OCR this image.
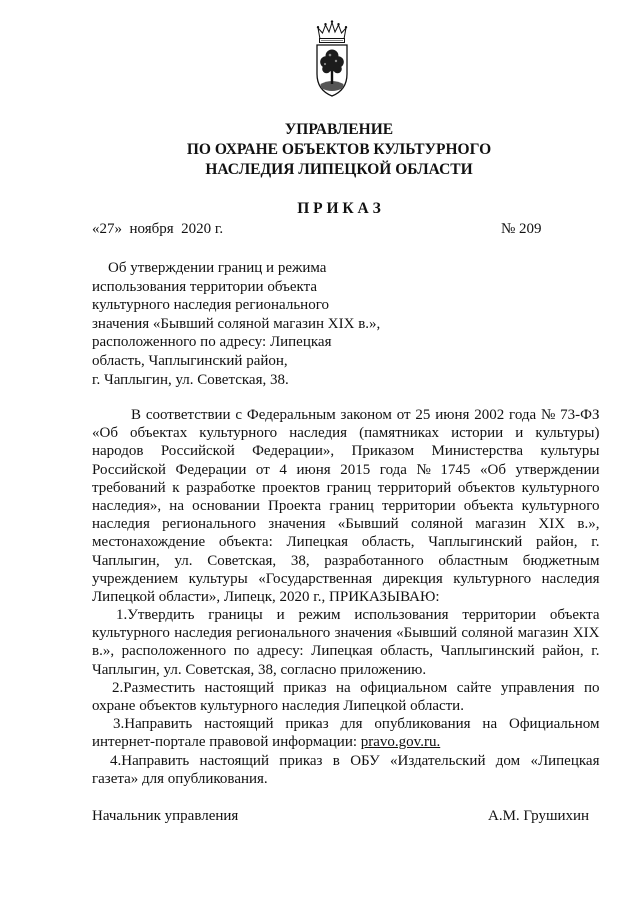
УПРАВЛЕНИЕ
ПО ОХРАНЕ ОБЪЕКТОВ КУЛЬТУРНОГО
НАСЛЕДИЯ ЛИПЕЦКОЙ ОБЛАСТИ
П Р И К А З
«27»  ноября  2020 г.	№ 209
Об утверждении границ и режима
использования территории объекта
культурного наследия регионального
значения «Бывший соляной магазин XIX в.»,
расположенного по адресу: Липецкая
область, Чаплыгинский район,
г. Чаплыгин, ул. Советская, 38.
В соответствии с Федеральным законом от 25 июня 2002 года № 73-ФЗ
«Об объектах культурного наследия (памятниках истории и культуры)
народов Российской Федерации», Приказом Министерства культуры
Российской Федерации от 4 июня 2015 года № 1745 «Об утверждении
требований к разработке проектов границ территорий объектов культурного
наследия», на основании Проекта границ территории объекта культурного
наследия регионального значения «Бывший соляной магазин XIX в.»,
местонахождение объекта: Липецкая область, Чаплыгинский район, г.
Чаплыгин, ул. Советская, 38, разработанного областным бюджетным
учреждением культуры «Государственная дирекция культурного наследия
Липецкой области», Липецк, 2020 г., ПРИКАЗЫВАЮ:
1.Утвердить границы и режим использования территории объекта
культурного наследия регионального значения «Бывший соляной магазин XIX
в.», расположенного по адресу: Липецкая область, Чаплыгинский район, г.
Чаплыгин, ул. Советская, 38, согласно приложению.
2.Разместить настоящий приказ на официальном сайте управления по
охране объектов культурного наследия Липецкой области.
3.Направить настоящий приказ для опубликования на Официальном
интернет-портале правовой информации: pravo.gov.ru.
4.Направить настоящий приказ в ОБУ «Издательский дом «Липецкая
газета» для опубликования.
Начальник управления	А.М. Грушихин
